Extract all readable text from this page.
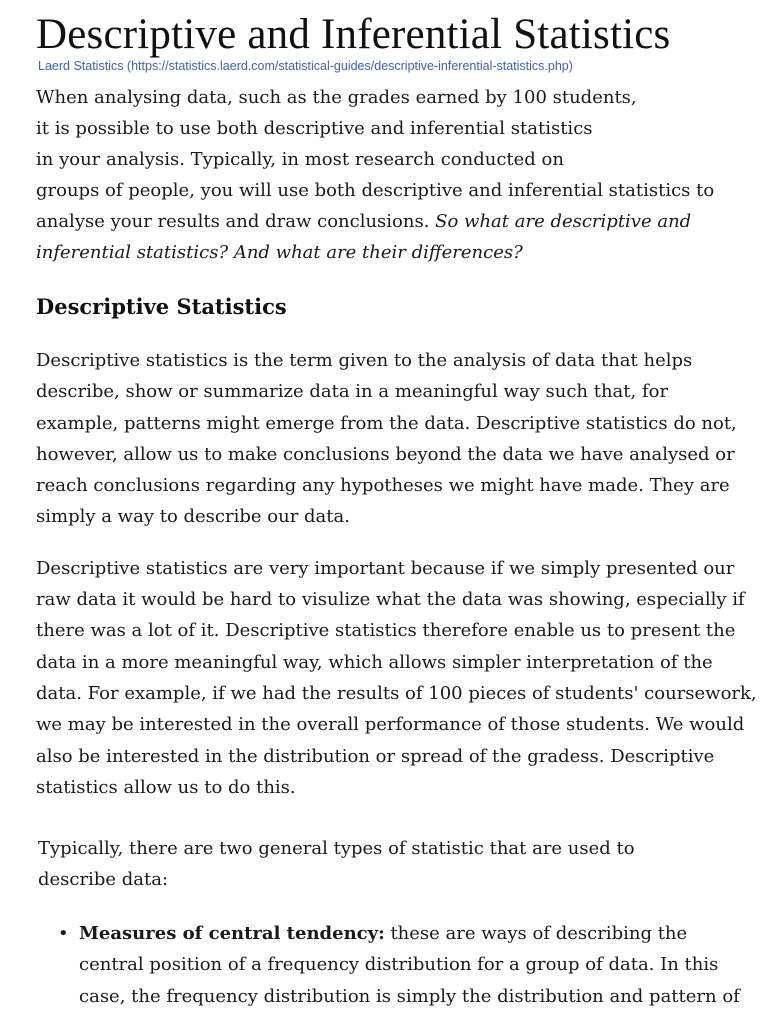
Descriptive and Inferential Statistics
Laerd Statistics (https://statistics.laerd.com/statistical-guides/descriptive-inferential-statistics.php)

When analysing data, such as the grades earned by 100 students,
it is possible to use both descriptive and inferential statistics
in your analysis. Typically, in most research conducted on
groups of people, you will use both descriptive and inferential statistics to
analyse your results and draw conclusions. So what are descriptive and
inferential statistics? And what are their differences?

Descriptive Statistics

Descriptive statistics is the term given to the analysis of data that helps
describe, show or summarize data in a meaningful way such that, for
example, patterns might emerge from the data. Descriptive statistics do not,
however, allow us to make conclusions beyond the data we have analysed or
reach conclusions regarding any hypotheses we might have made. They are
simply a way to describe our data.

Descriptive statistics are very important because if we simply presented our
raw data it would be hard to visulize what the data was showing, especially if
there was a lot of it. Descriptive statistics therefore enable us to present the
data in a more meaningful way, which allows simpler interpretation of the
data. For example, if we had the results of 100 pieces of students' coursework,
we may be interested in the overall performance of those students. We would
also be interested in the distribution or spread of the gradess. Descriptive
statistics allow us to do this.

Typically, there are two general types of statistic that are used to
describe data:

• Measures of central tendency: these are ways of describing the
central position of a frequency distribution for a group of data. In this
case, the frequency distribution is simply the distribution and pattern of
